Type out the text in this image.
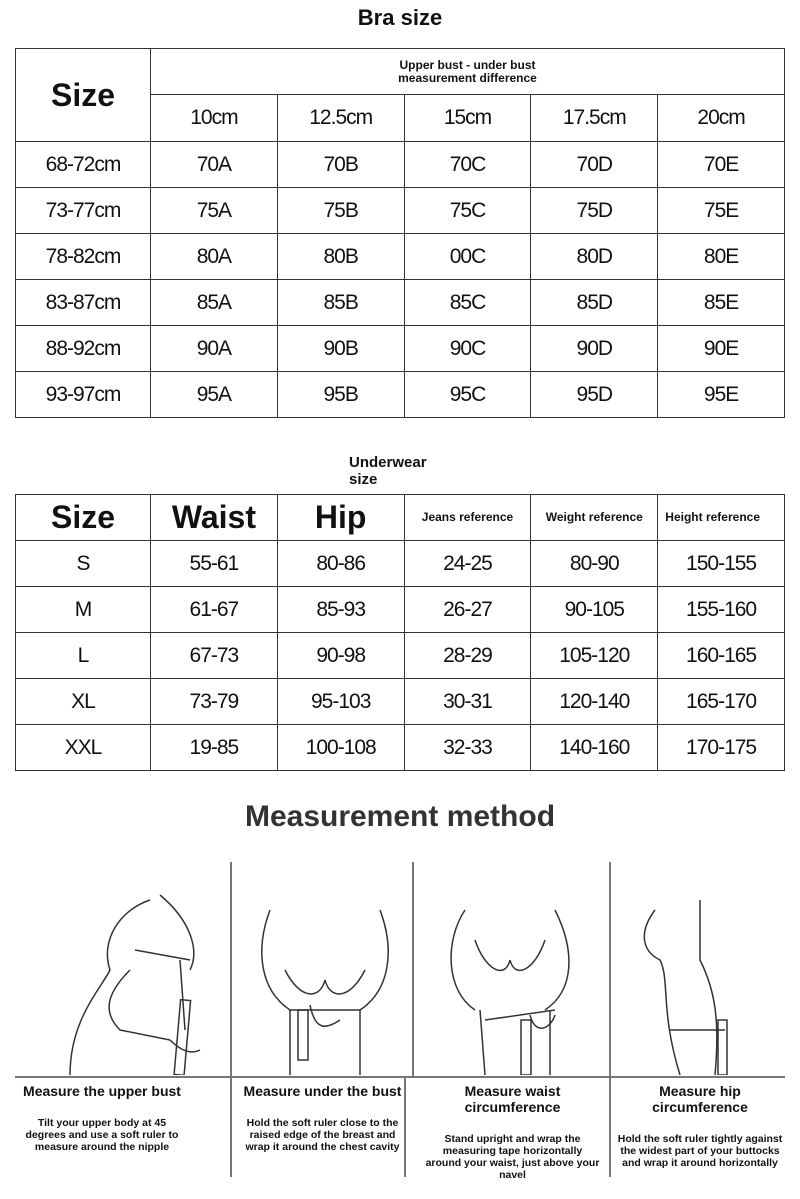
Bra size
Size	Upper bust - under bust measurement difference				

	10cm	12.5cm	15cm	17.5cm	20cm
68-72cm	70A	70B	70C	70D	70E
73-77cm	75A	75B	75C	75D	75E
78-82cm	80A	80B	00C	80D	80E
83-87cm	85A	85B	85C	85D	85E
88-92cm	90A	90B	90C	90D	90E
93-97cm	95A	95B	95C	95D	95E
Underwear size
Size	Waist	Hip	Jeans reference	Weight reference	Height reference
S	55-61	80-86	24-25	80-90	150-155
M	61-67	85-93	26-27	90-105	155-160
L	67-73	90-98	28-29	105-120	160-165
XL	73-79	95-103	30-31	120-140	165-170
XXL	19-85	100-108	32-33	140-160	170-175
Measurement method
Measure the upper bust
Tilt your upper body at 45 degrees and use a soft ruler to measure around the nipple
Measure under the bust
Hold the soft ruler close to the raised edge of the breast and wrap it around the chest cavity
Measure waist circumference
Stand upright and wrap the measuring tape horizontally around your waist, just above your navel
Measure hip circumference
Hold the soft ruler tightly against the widest part of your buttocks and wrap it around horizontally
